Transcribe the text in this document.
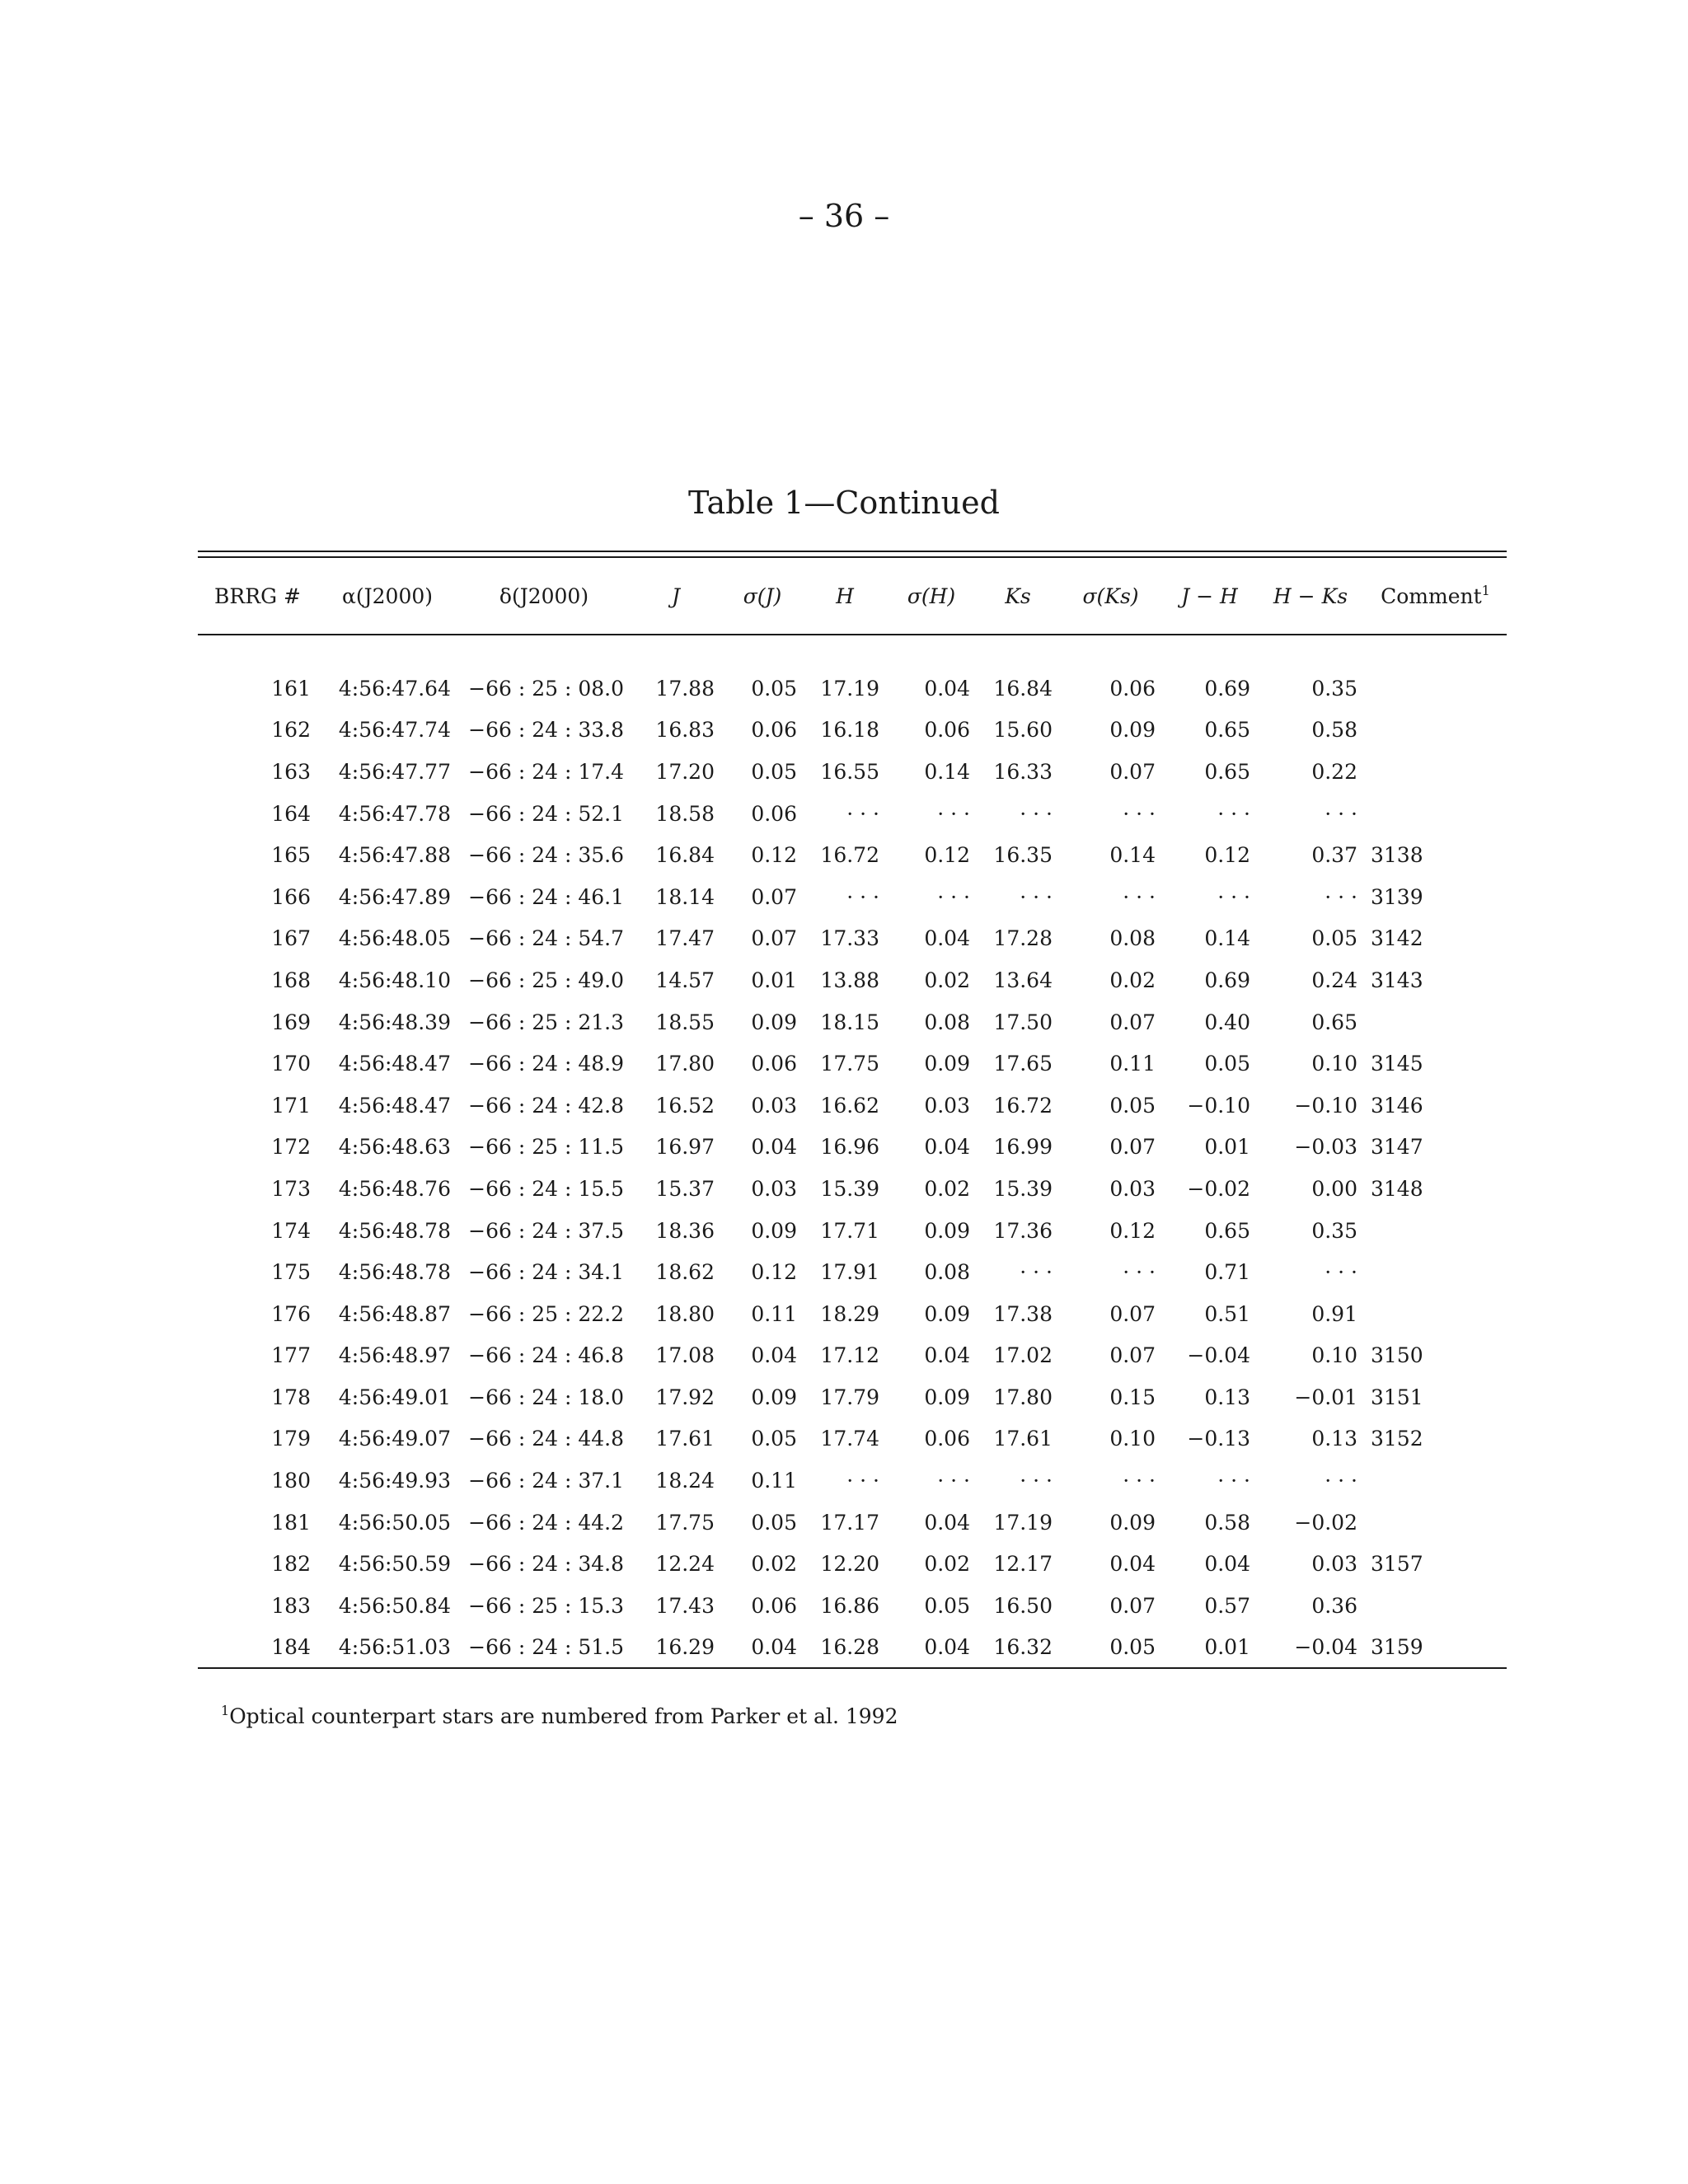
– 36 –
Table 1—Continued
BRRG #	α(J2000)	δ(J2000)	J	σ(J)	H	σ(H)	Ks	σ(Ks)	J − H	H − Ks	Comment$^1$

161	4:56:47.64	−66 : 25 : 08.0	17.88	0.05	17.19	0.04	16.84	0.06	0.69	0.35	
162	4:56:47.74	−66 : 24 : 33.8	16.83	0.06	16.18	0.06	15.60	0.09	0.65	0.58	
163	4:56:47.77	−66 : 24 : 17.4	17.20	0.05	16.55	0.14	16.33	0.07	0.65	0.22	
164	4:56:47.78	−66 : 24 : 52.1	18.58	0.06	· · ·	· · ·	· · ·	· · ·	· · ·	· · ·	
165	4:56:47.88	−66 : 24 : 35.6	16.84	0.12	16.72	0.12	16.35	0.14	0.12	0.37	3138
166	4:56:47.89	−66 : 24 : 46.1	18.14	0.07	· · ·	· · ·	· · ·	· · ·	· · ·	· · ·	3139
167	4:56:48.05	−66 : 24 : 54.7	17.47	0.07	17.33	0.04	17.28	0.08	0.14	0.05	3142
168	4:56:48.10	−66 : 25 : 49.0	14.57	0.01	13.88	0.02	13.64	0.02	0.69	0.24	3143
169	4:56:48.39	−66 : 25 : 21.3	18.55	0.09	18.15	0.08	17.50	0.07	0.40	0.65	
170	4:56:48.47	−66 : 24 : 48.9	17.80	0.06	17.75	0.09	17.65	0.11	0.05	0.10	3145
171	4:56:48.47	−66 : 24 : 42.8	16.52	0.03	16.62	0.03	16.72	0.05	−0.10	−0.10	3146
172	4:56:48.63	−66 : 25 : 11.5	16.97	0.04	16.96	0.04	16.99	0.07	0.01	−0.03	3147
173	4:56:48.76	−66 : 24 : 15.5	15.37	0.03	15.39	0.02	15.39	0.03	−0.02	0.00	3148
174	4:56:48.78	−66 : 24 : 37.5	18.36	0.09	17.71	0.09	17.36	0.12	0.65	0.35	
175	4:56:48.78	−66 : 24 : 34.1	18.62	0.12	17.91	0.08	· · ·	· · ·	0.71	· · ·	
176	4:56:48.87	−66 : 25 : 22.2	18.80	0.11	18.29	0.09	17.38	0.07	0.51	0.91	
177	4:56:48.97	−66 : 24 : 46.8	17.08	0.04	17.12	0.04	17.02	0.07	−0.04	0.10	3150
178	4:56:49.01	−66 : 24 : 18.0	17.92	0.09	17.79	0.09	17.80	0.15	0.13	−0.01	3151
179	4:56:49.07	−66 : 24 : 44.8	17.61	0.05	17.74	0.06	17.61	0.10	−0.13	0.13	3152
180	4:56:49.93	−66 : 24 : 37.1	18.24	0.11	· · ·	· · ·	· · ·	· · ·	· · ·	· · ·	
181	4:56:50.05	−66 : 24 : 44.2	17.75	0.05	17.17	0.04	17.19	0.09	0.58	−0.02	
182	4:56:50.59	−66 : 24 : 34.8	12.24	0.02	12.20	0.02	12.17	0.04	0.04	0.03	3157
183	4:56:50.84	−66 : 25 : 15.3	17.43	0.06	16.86	0.05	16.50	0.07	0.57	0.36	
184	4:56:51.03	−66 : 24 : 51.5	16.29	0.04	16.28	0.04	16.32	0.05	0.01	−0.04	3159
$^1$Optical counterpart stars are numbered from Parker et al. 1992
